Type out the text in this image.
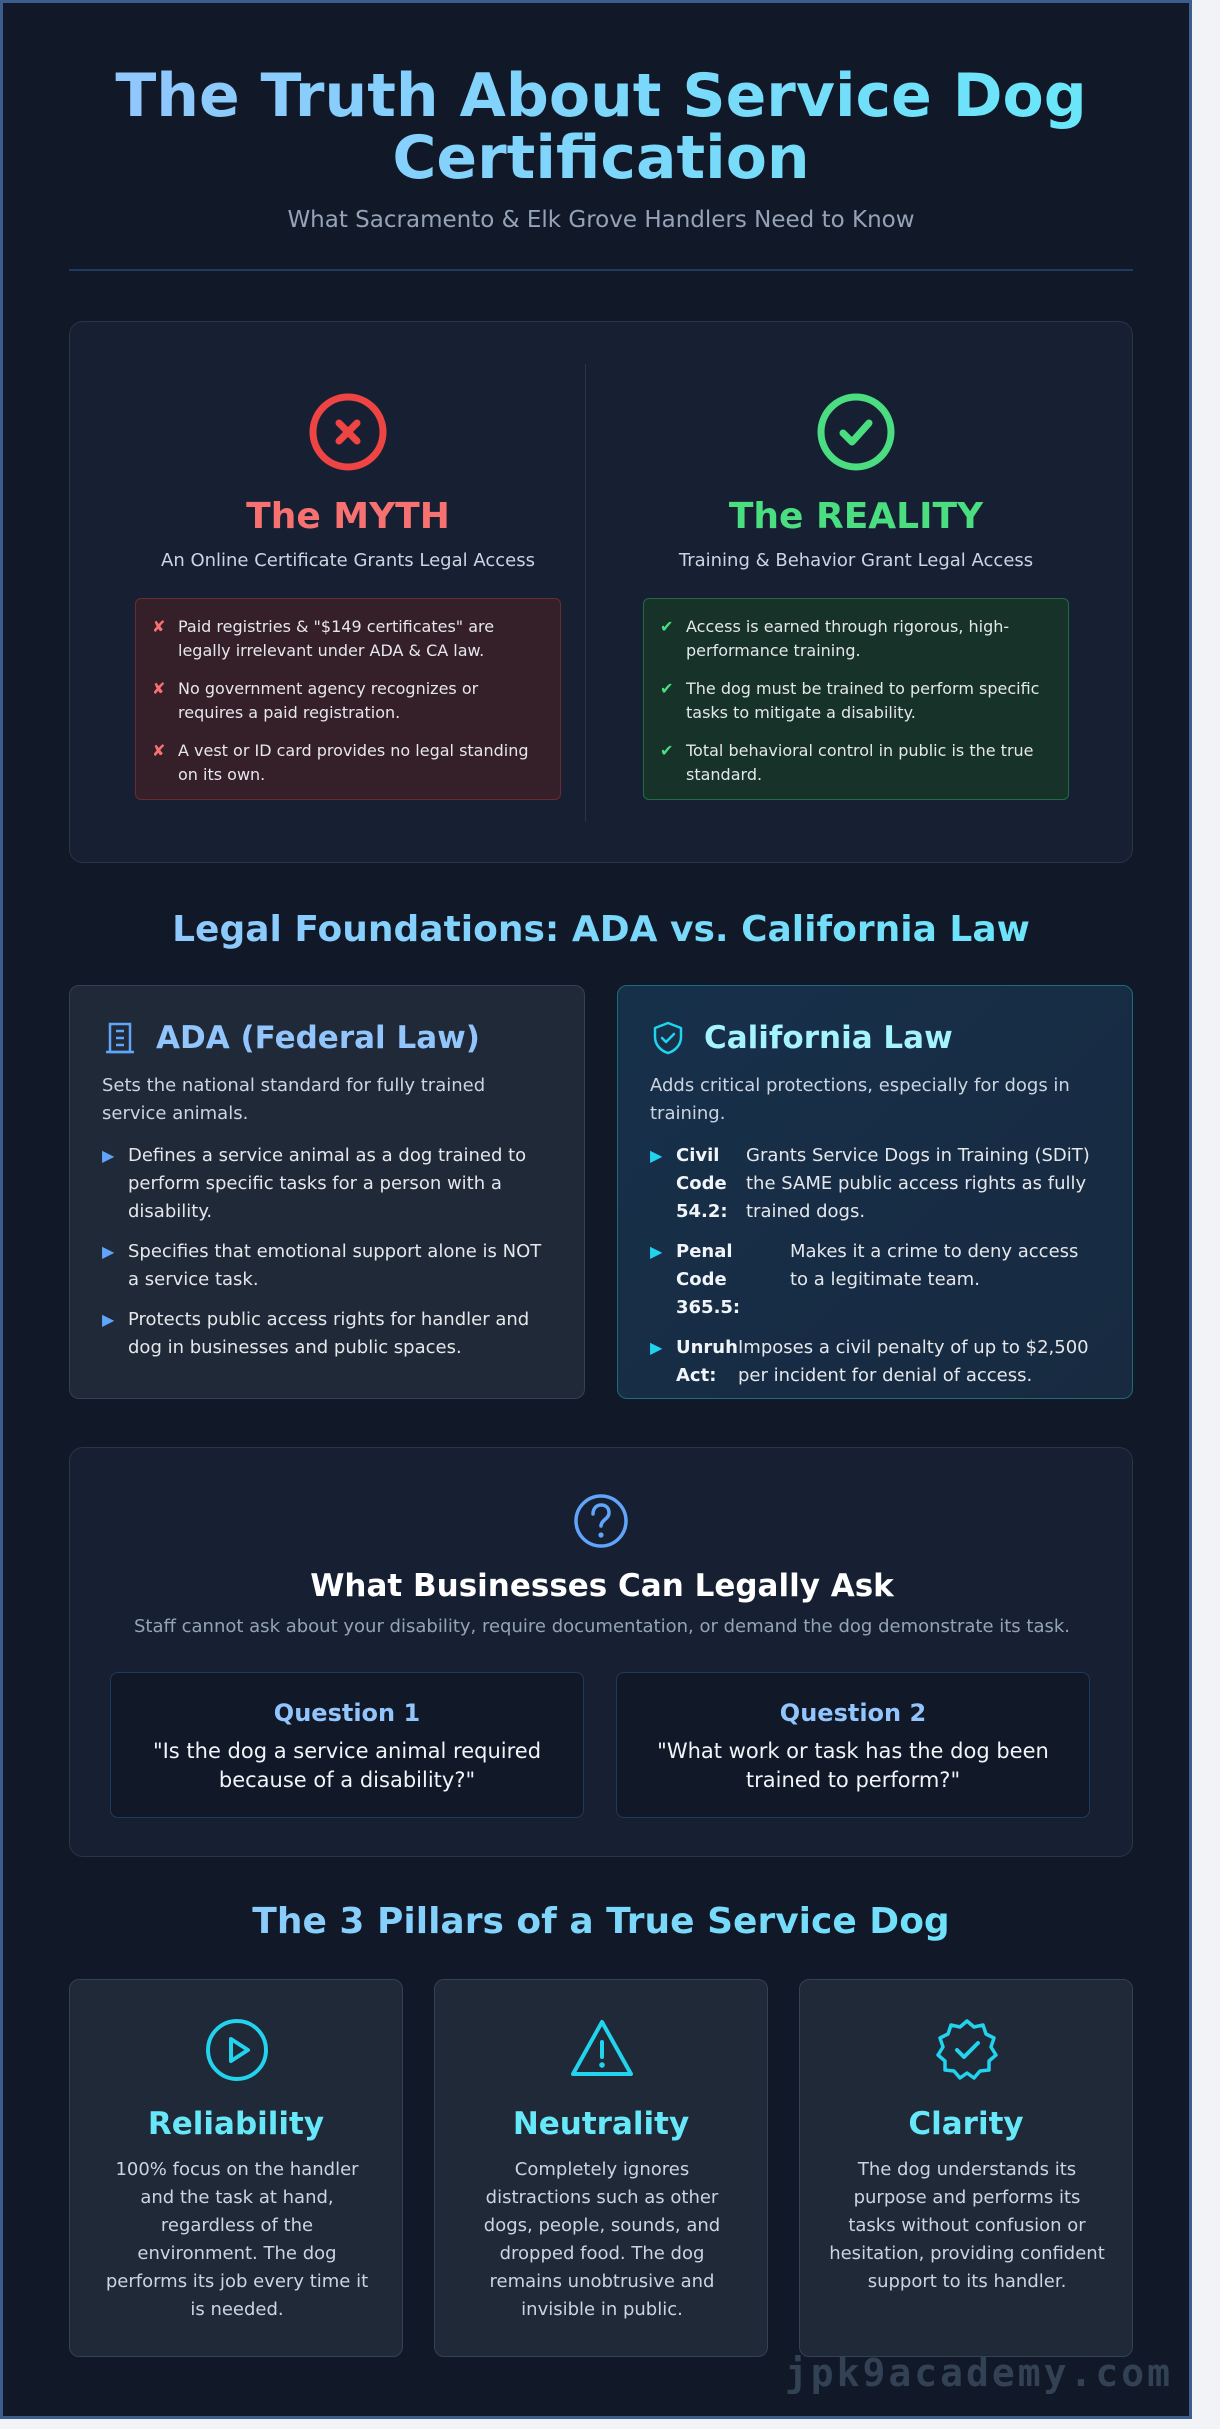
The Truth About Service Dog Certification
What Sacramento & Elk Grove Handlers Need to Know
The MYTH
An Online Certificate Grants Legal Access
✘ Paid registries & "$149 certificates" are legally irrelevant under ADA & CA law.
✘ No government agency recognizes or requires a paid registration.
✘ A vest or ID card provides no legal standing on its own.
The REALITY
Training & Behavior Grant Legal Access
✔ Access is earned through rigorous, high-performance training.
✔ The dog must be trained to perform specific tasks to mitigate a disability.
✔ Total behavioral control in public is the true standard.
Legal Foundations: ADA vs. California Law
ADA (Federal Law)
Sets the national standard for fully trained service animals.
▶ Defines a service animal as a dog trained to perform specific tasks for a person with a disability.
▶ Specifies that emotional support alone is NOT a service task.
▶ Protects public access rights for handler and dog in businesses and public spaces.
California Law
Adds critical protections, especially for dogs in training.
▶ Civil Code 54.2:
Grants Service Dogs in Training (SDiT) the SAME public access rights as fully trained dogs.
▶ Penal Code 365.5:
Makes it a crime to deny access to a legitimate team.
▶ Unruh Act:
Imposes a civil penalty of up to $2,500 per incident for denial of access.
What Businesses Can Legally Ask
Staff cannot ask about your disability, require documentation, or demand the dog demonstrate its task.
Question 1
"Is the dog a service animal required because of a disability?"
Question 2
"What work or task has the dog been trained to perform?"
The 3 Pillars of a True Service Dog
Reliability
100% focus on the handler and the task at hand, regardless of the environment. The dog performs its job every time it is needed.
Neutrality
Completely ignores distractions such as other dogs, people, sounds, and dropped food. The dog remains unobtrusive and invisible in public.
Clarity
The dog understands its purpose and performs its tasks without confusion or hesitation, providing confident support to its handler.
jpk9academy.com
